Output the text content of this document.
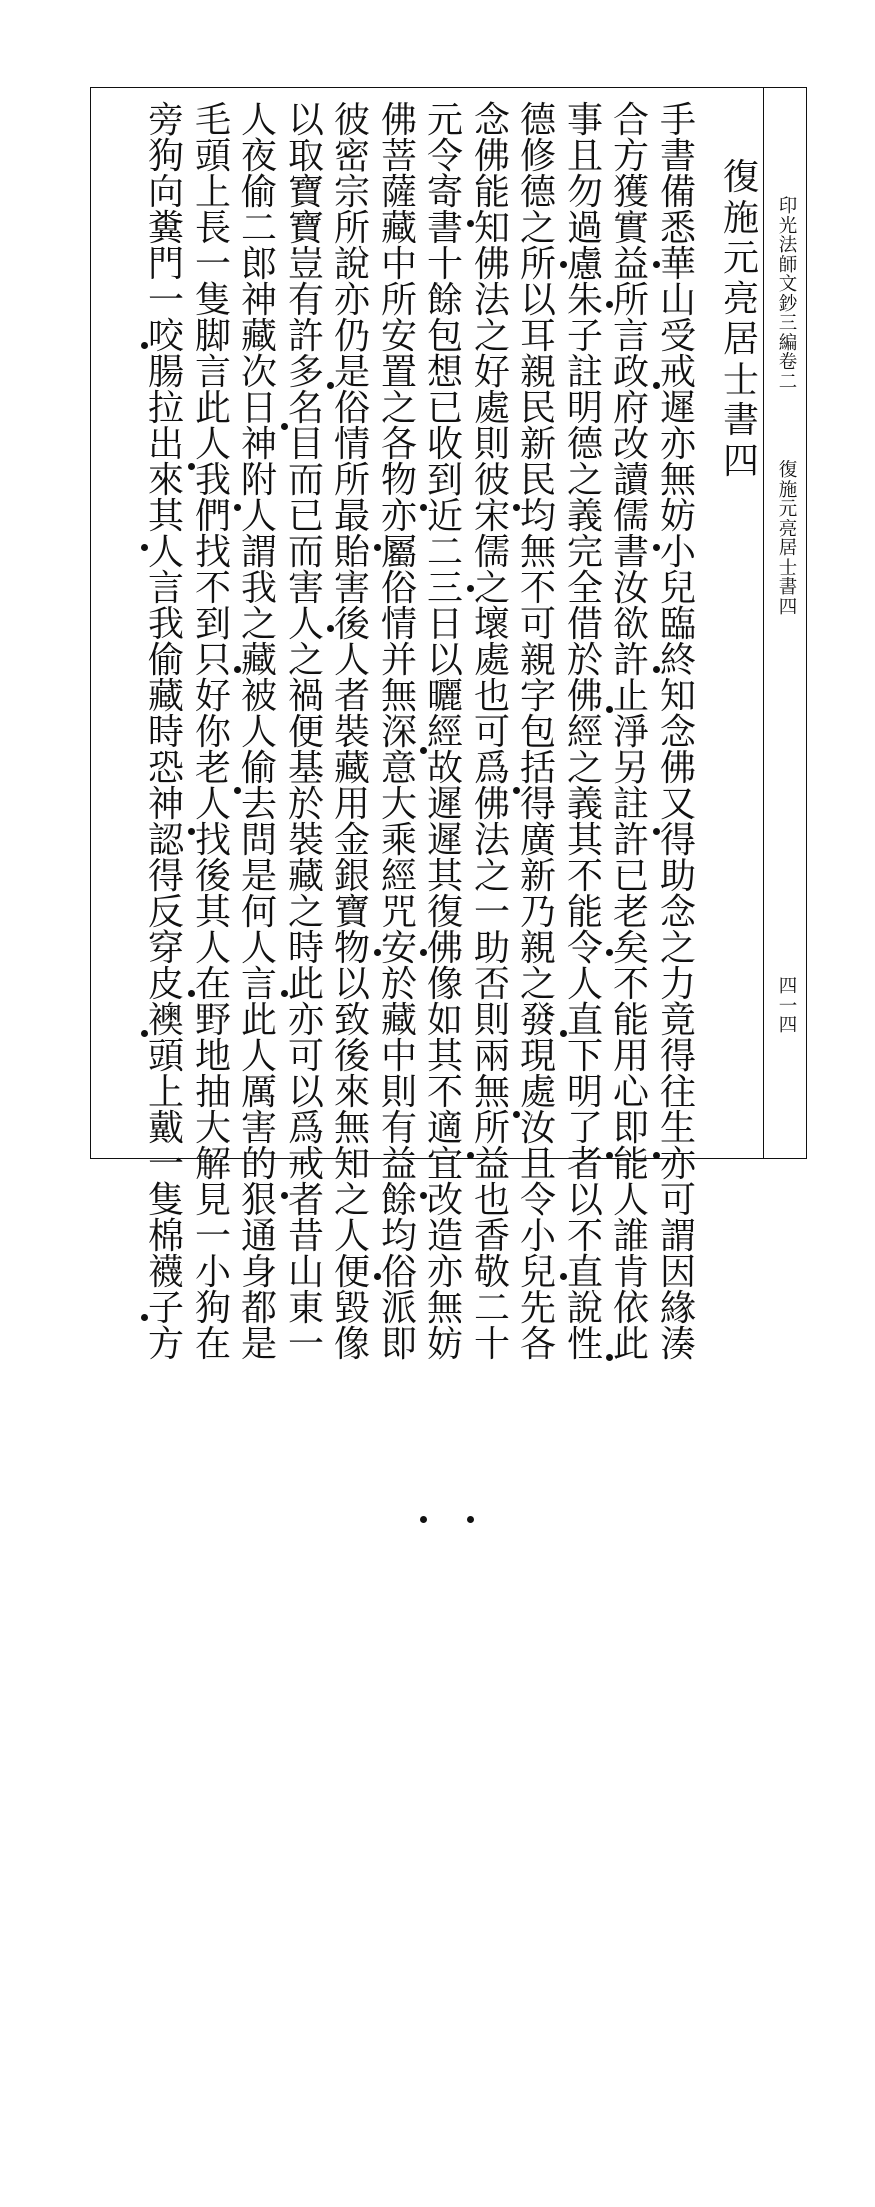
印
光
法
師
文
鈔
三
編
卷
二
復
施
元
亮
居
士
書
四
四
一
四
復
施
元
亮
居
士
書
四
手
書
備
悉
華
山
受
戒
遲
亦
無
妨
小
兒
臨
終
知
念
佛
又
得
助
念
之
力
竟
得
往
生
亦
可
謂
因
緣
湊
合
方
獲
實
益
所
言
政
府
改
讀
儒
書
汝
欲
許
止
淨
另
註
許
已
老
矣
不
能
用
心
即
能
人
誰
肯
依
此
事
且
勿
過
慮
朱
子
註
明
德
之
義
完
全
借
於
佛
經
之
義
其
不
能
令
人
直
下
明
了
者
以
不
直
說
性
德
修
德
之
所
以
耳
親
民
新
民
均
無
不
可
親
字
包
括
得
廣
新
乃
親
之
發
現
處
汝
且
令
小
兒
先
各
念
佛
能
知
佛
法
之
好
處
則
彼
宋
儒
之
壞
處
也
可
爲
佛
法
之
一
助
否
則
兩
無
所
益
也
香
敬
二
十
元
令
寄
書
十
餘
包
想
已
收
到
近
二
三
日
以
曬
經
故
遲
遲
其
復
佛
像
如
其
不
適
宜
改
造
亦
無
妨
佛
菩
薩
藏
中
所
安
置
之
各
物
亦
屬
俗
情
并
無
深
意
大
乘
經
咒
安
於
藏
中
則
有
益
餘
均
俗
派
即
彼
密
宗
所
說
亦
仍
是
俗
情
所
最
貽
害
後
人
者
裝
藏
用
金
銀
寶
物
以
致
後
來
無
知
之
人
便
毀
像
以
取
寶
寶
豈
有
許
多
名
目
而
已
而
害
人
之
禍
便
基
於
裝
藏
之
時
此
亦
可
以
爲
戒
者
昔
山
東
一
人
夜
偷
二
郎
神
藏
次
日
神
附
人
謂
我
之
藏
被
人
偷
去
問
是
何
人
言
此
人
厲
害
的
狠
通
身
都
是
毛
頭
上
長
一
隻
脚
言
此
人
我
們
找
不
到
只
好
你
老
人
找
後
其
人
在
野
地
抽
大
解
見
一
小
狗
在
旁
狗
向
糞
門
一
咬
腸
拉
出
來
其
人
言
我
偷
藏
時
恐
神
認
得
反
穿
皮
襖
頭
上
戴
一
隻
棉
襪
子
方
